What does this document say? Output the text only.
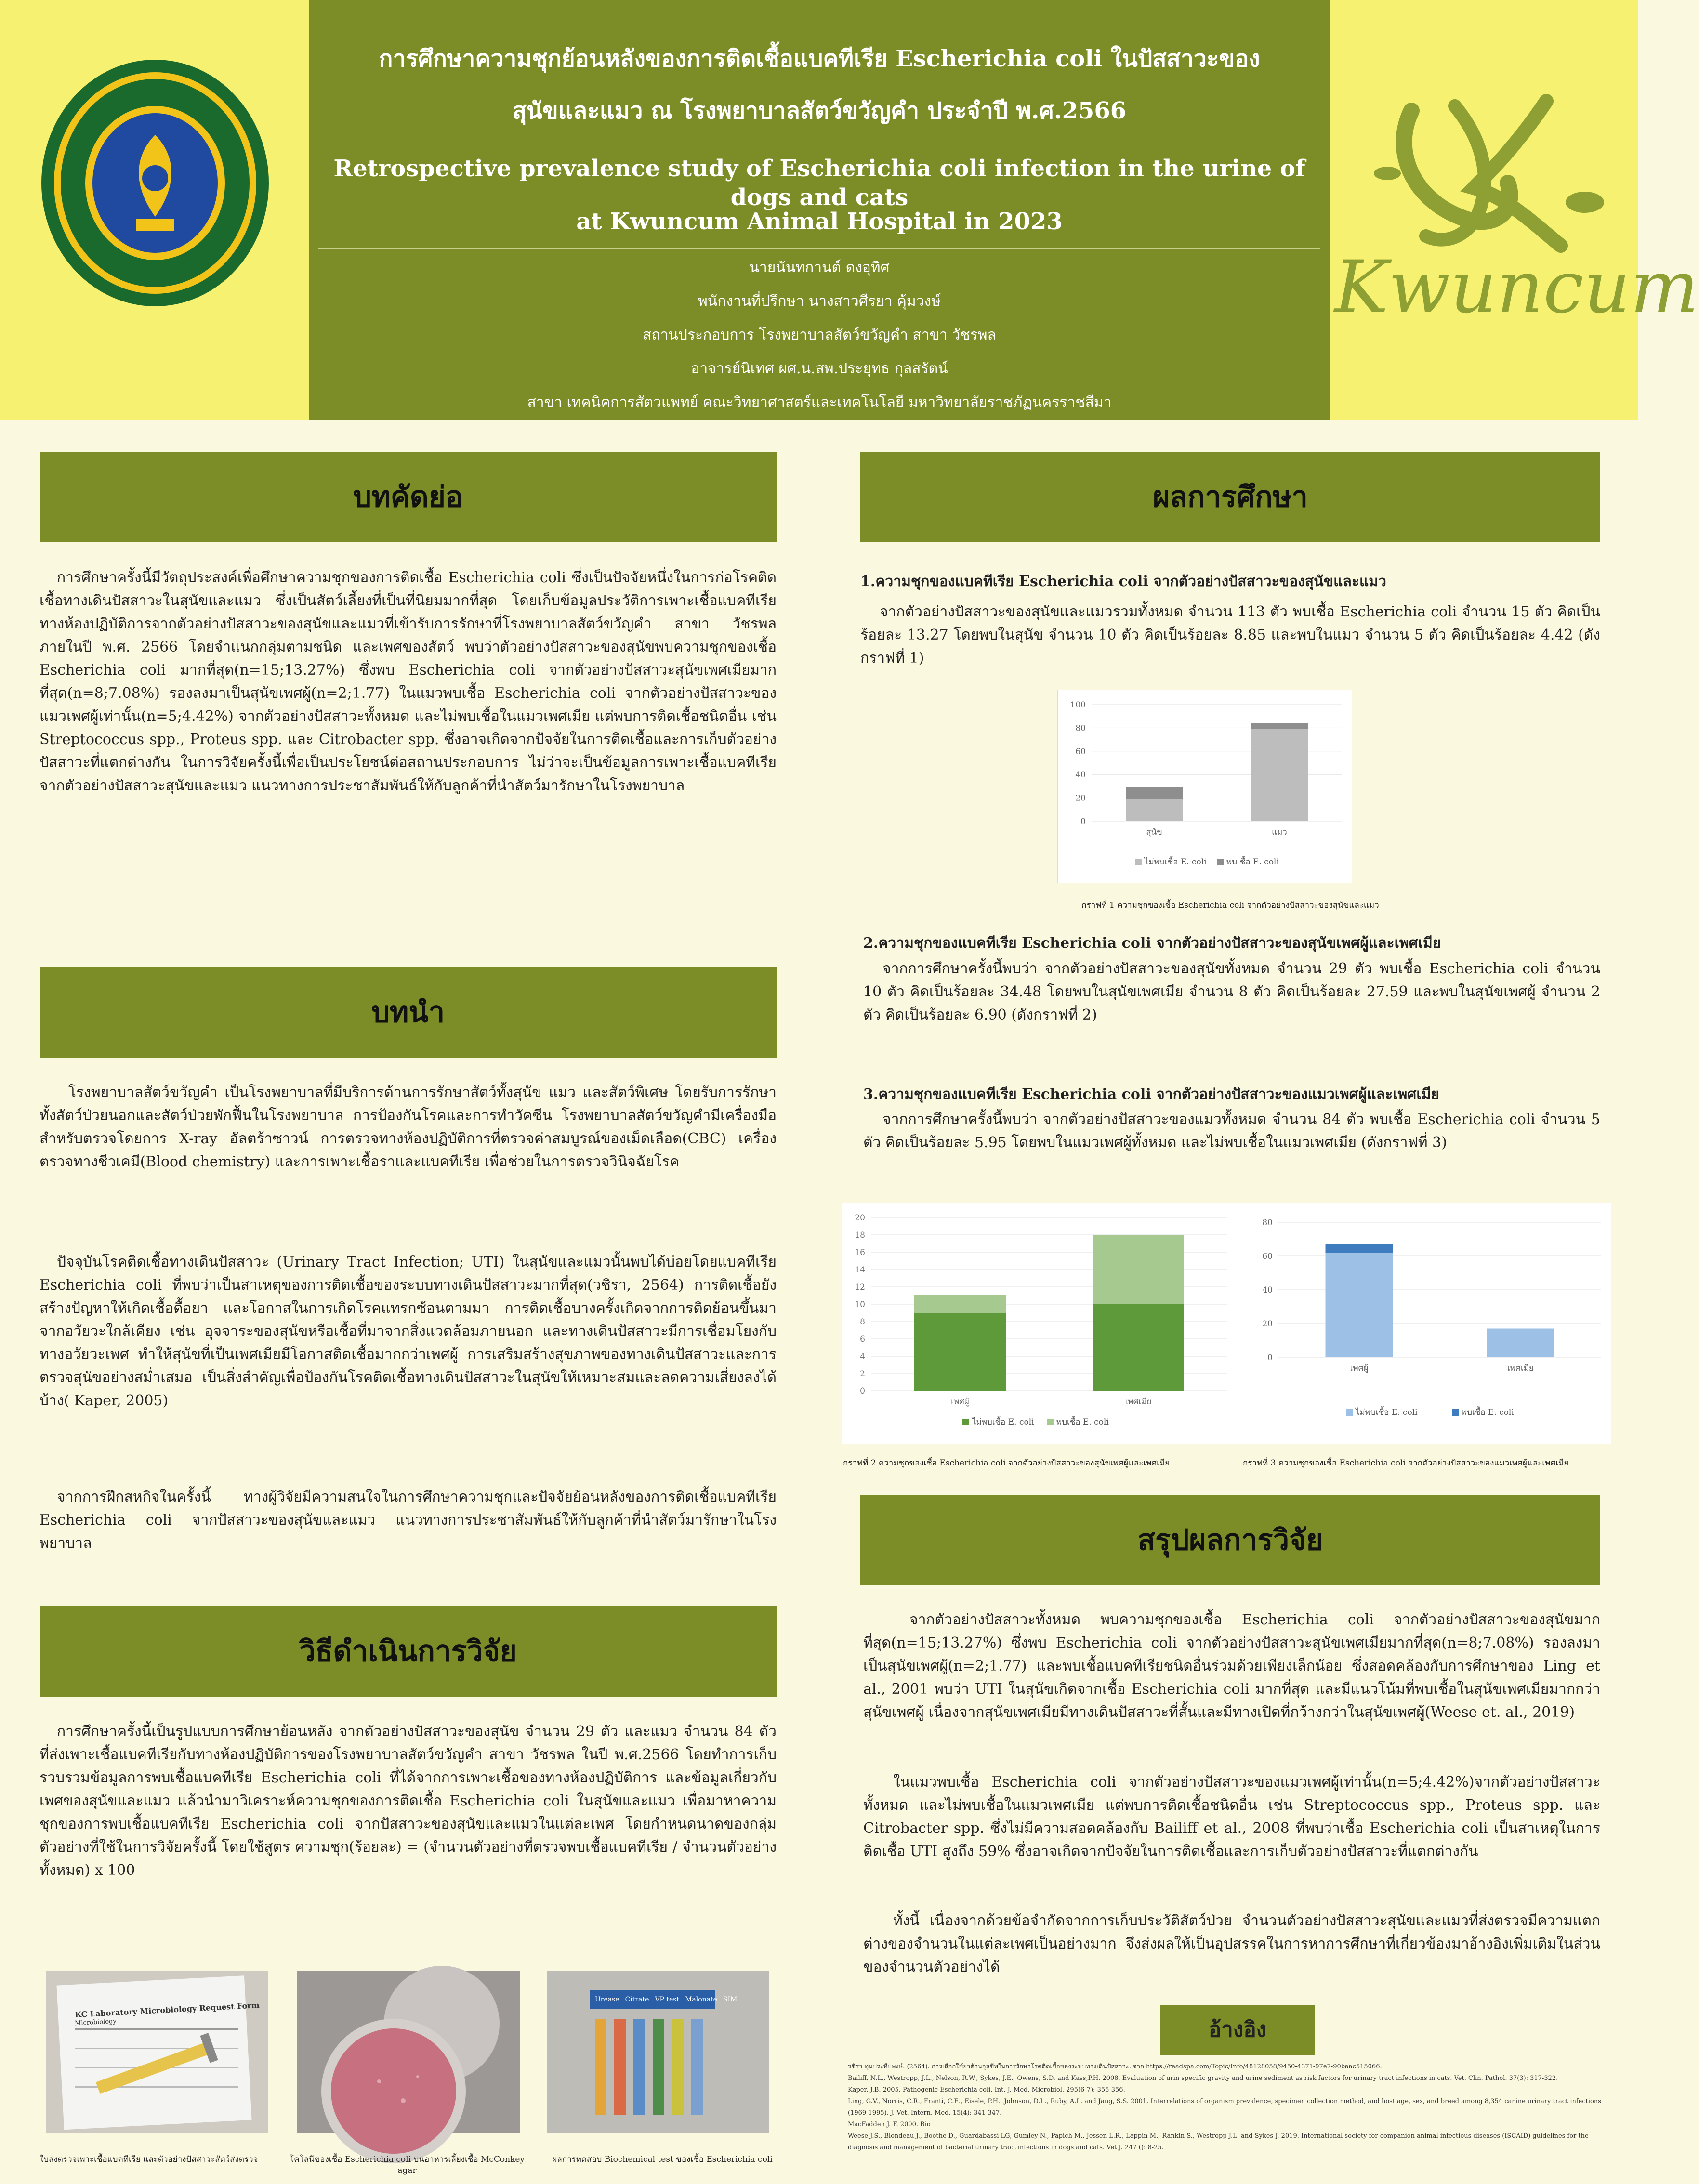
การศึกษาความชุกย้อนหลังของการติดเชื้อแบคทีเรีย Escherichia coli ในปัสสาวะของ
สุนัขและแมว ณ โรงพยาบาลสัตว์ขวัญคำ ประจำปี พ.ศ.2566
Retrospective prevalence study of Escherichia coli infection in the urine of dogs and cats
at Kwuncum Animal Hospital in 2023
นายนันทกานต์ ดงอุทิศ
พนักงานที่ปรึกษา นางสาวศีรยา คุ้มวงษ์
สถานประกอบการ โรงพยาบาลสัตว์ขวัญคำ สาขา วัชรพล
อาจารย์นิเทศ ผศ.น.สพ.ประยุทธ กุลสรัตน์
สาขา เทคนิคการสัตวแพทย์ คณะวิทยาศาสตร์และเทคโนโลยี มหาวิทยาลัยราชภัฏนครราชสีมา
Kwuncum
บทคัดย่อ
การศึกษาครั้งนี้มีวัตถุประสงค์เพื่อศึกษาความชุกของการติดเชื้อ Escherichia coli ซึ่งเป็นปัจจัยหนึ่งในการก่อโรคติดเชื้อทางเดินปัสสาวะในสุนัขและแมว ซึ่งเป็นสัตว์เลี้ยงที่เป็นที่นิยมมากที่สุด โดยเก็บข้อมูลประวัติการเพาะเชื้อแบคทีเรียทางห้องปฏิบัติการจากตัวอย่างปัสสาวะของสุนัขและแมวที่เข้ารับการรักษาที่โรงพยาบาลสัตว์ขวัญคำ สาขา วัชรพล ภายในปี พ.ศ. 2566 โดยจำแนกกลุ่มตามชนิด และเพศของสัตว์ พบว่าตัวอย่างปัสสาวะของสุนัขพบความชุกของเชื้อ Escherichia coli มากที่สุด(n=15;13.27%) ซึ่งพบ Escherichia coli จากตัวอย่างปัสสาวะสุนัขเพศเมียมากที่สุด(n=8;7.08%) รองลงมาเป็นสุนัขเพศผู้(n=2;1.77) ในแมวพบเชื้อ Escherichia coli จากตัวอย่างปัสสาวะของแมวเพศผู้เท่านั้น(n=5;4.42%) จากตัวอย่างปัสสาวะทั้งหมด และไม่พบเชื้อในแมวเพศเมีย แต่พบการติดเชื้อชนิดอื่น เช่น Streptococcus spp., Proteus spp. และ Citrobacter spp. ซึ่งอาจเกิดจากปัจจัยในการติดเชื้อและการเก็บตัวอย่างปัสสาวะที่แตกต่างกัน ในการวิจัยครั้งนี้เพื่อเป็นประโยชน์ต่อสถานประกอบการ ไม่ว่าจะเป็นข้อมูลการเพาะเชื้อแบคทีเรียจากตัวอย่างปัสสาวะสุนัขและแมว แนวทางการประชาสัมพันธ์ให้กับลูกค้าที่นำสัตว์มารักษาในโรงพยาบาล
บทนำ
โรงพยาบาลสัตว์ขวัญคำ เป็นโรงพยาบาลที่มีบริการด้านการรักษาสัตว์ทั้งสุนัข แมว และสัตว์พิเศษ โดยรับการรักษาทั้งสัตว์ป่วยนอกและสัตว์ป่วยพักฟื้นในโรงพยาบาล การป้องกันโรคและการทำวัคซีน โรงพยาบาลสัตว์ขวัญคำมีเครื่องมือสำหรับตรวจโดยการ X-ray อัลตร้าซาวน์ การตรวจทางห้องปฏิบัติการที่ตรวจค่าสมบูรณ์ของเม็ดเลือด(CBC) เครื่องตรวจทางชีวเคมี(Blood chemistry) และการเพาะเชื้อราและแบคทีเรีย เพื่อช่วยในการตรวจวินิจฉัยโรค
ปัจจุบันโรคติดเชื้อทางเดินปัสสาวะ (Urinary Tract Infection; UTI) ในสุนัขและแมวนั้นพบได้บ่อยโดยแบคทีเรีย Escherichia coli ที่พบว่าเป็นสาเหตุของการติดเชื้อของระบบทางเดินปัสสาวะมากที่สุด(วชิรา, 2564) การติดเชื้อยังสร้างปัญหาให้เกิดเชื้อดื้อยา และโอกาสในการเกิดโรคแทรกซ้อนตามมา การติดเชื้อบางครั้งเกิดจากการติดย้อนขึ้นมาจากอวัยวะใกล้เคียง เช่น อุจจาระของสุนัขหรือเชื้อที่มาจากสิ่งแวดล้อมภายนอก และทางเดินปัสสาวะมีการเชื่อมโยงกับทางอวัยวะเพศ ทำให้สุนัขที่เป็นเพศเมียมีโอกาสติดเชื้อมากกว่าเพศผู้ การเสริมสร้างสุขภาพของทางเดินปัสสาวะและการตรวจสุนัขอย่างสม่ำเสมอ เป็นสิ่งสำคัญเพื่อป้องกันโรคติดเชื้อทางเดินปัสสาวะในสุนัขให้เหมาะสมและลดความเสี่ยงลงได้บ้าง( Kaper, 2005)
จากการฝึกสหกิจในครั้งนี้ ทางผู้วิจัยมีความสนใจในการศึกษาความชุกและปัจจัยย้อนหลังของการติดเชื้อแบคทีเรีย Escherichia coli จากปัสสาวะของสุนัขและแมว แนวทางการประชาสัมพันธ์ให้กับลูกค้าที่นำสัตว์มารักษาในโรงพยาบาล
วิธีดำเนินการวิจัย
การศึกษาครั้งนี้เป็นรูปแบบการศึกษาย้อนหลัง จากตัวอย่างปัสสาวะของสุนัข จำนวน 29 ตัว และแมว จำนวน 84 ตัว ที่ส่งเพาะเชื้อแบคทีเรียกับทางห้องปฏิบัติการของโรงพยาบาลสัตว์ขวัญคำ สาขา วัชรพล ในปี พ.ศ.2566 โดยทำการเก็บรวบรวมข้อมูลการพบเชื้อแบคทีเรีย Escherichia coli ที่ได้จากการเพาะเชื้อของทางห้องปฏิบัติการ และข้อมูลเกี่ยวกับเพศของสุนัขและแมว แล้วนำมาวิเคราะห์ความชุกของการติดเชื้อ Escherichia coli ในสุนัขและแมว เพื่อมาหาความชุกของการพบเชื้อแบคทีเรีย Escherichia coli จากปัสสาวะของสุนัขและแมวในแต่ละเพศ โดยกำหนดนาดของกลุ่มตัวอย่างที่ใช้ในการวิจัยครั้งนี้ โดยใช้สูตร ความชุก(ร้อยละ) = (จำนวนตัวอย่างที่ตรวจพบเชื้อแบคทีเรีย / จำนวนตัวอย่างทั้งหมด) x 100
KC Laboratory Microbiology Request Form
Microbiology
Urease Citrate VP test Malonate SIM
ใบส่งตรวจเพาะเชื้อแบคทีเรีย และตัวอย่างปัสสาวะสัตว์ส่งตรวจ	โคโลนีของเชื้อ Escherichia coli บนอาหารเลี้ยงเชื้อ McConkey agar
ผลการทดสอบ Biochemical test ของเชื้อ Escherichia coli
ผลการศึกษา
1.ความชุกของแบคทีเรีย Escherichia coli จากตัวอย่างปัสสาวะของสุนัขและแมว
จากตัวอย่างปัสสาวะของสุนัขและแมวรวมทั้งหมด จำนวน 113 ตัว พบเชื้อ Escherichia coli จำนวน 15 ตัว คิดเป็นร้อยละ 13.27 โดยพบในสุนัข จำนวน 10 ตัว คิดเป็นร้อยละ 8.85 และพบในแมว จำนวน 5 ตัว คิดเป็นร้อยละ 4.42 (ดังกราฟที่ 1)
0
20
40
60
80
100
สุนัข	แมว
ไม่พบเชื้อ E. coli พบเชื้อ E. coli
กราฟที่ 1 ความชุกของเชื้อ Escherichia coli จากตัวอย่างปัสสาวะของสุนัขและแมว
2.ความชุกของแบคทีเรีย Escherichia coli จากตัวอย่างปัสสาวะของสุนัขเพศผู้และเพศเมีย
จากการศึกษาครั้งนี้พบว่า จากตัวอย่างปัสสาวะของสุนัขทั้งหมด จำนวน 29 ตัว พบเชื้อ Escherichia coli จำนวน 10 ตัว คิดเป็นร้อยละ 34.48 โดยพบในสุนัขเพศเมีย จำนวน 8 ตัว คิดเป็นร้อยละ 27.59 และพบในสุนัขเพศผู้ จำนวน 2 ตัว คิดเป็นร้อยละ 6.90 (ดังกราฟที่ 2)
3.ความชุกของแบคทีเรีย Escherichia coli จากตัวอย่างปัสสาวะของแมวเพศผู้และเพศเมีย
จากการศึกษาครั้งนี้พบว่า จากตัวอย่างปัสสาวะของแมวทั้งหมด จำนวน 84 ตัว พบเชื้อ Escherichia coli จำนวน 5 ตัว คิดเป็นร้อยละ 5.95 โดยพบในแมวเพศผู้ทั้งหมด และไม่พบเชื้อในแมวเพศเมีย (ดังกราฟที่ 3)
0
2
4
6
8
10
12
14
16
18
20
เพศผู้	เพศเมีย
ไม่พบเชื้อ E. coli	พบเชื้อ E. coli
0
20
40
60
80
เพศผู้	เพศเมีย
ไม่พบเชื้อ E. coli	พบเชื้อ E. coli
กราฟที่ 2 ความชุกของเชื้อ Escherichia coli จากตัวอย่างปัสสาวะของสุนัขเพศผู้และเพศเมีย	กราฟที่ 3 ความชุกของเชื้อ Escherichia coli จากตัวอย่างปัสสาวะของแมวเพศผู้และเพศเมีย
สรุปผลการวิจัย
จากตัวอย่างปัสสาวะทั้งหมด พบความชุกของเชื้อ Escherichia coli จากตัวอย่างปัสสาวะของสุนัขมากที่สุด(n=15;13.27%) ซึ่งพบ Escherichia coli จากตัวอย่างปัสสาวะสุนัขเพศเมียมากที่สุด(n=8;7.08%) รองลงมาเป็นสุนัขเพศผู้(n=2;1.77) และพบเชื้อแบคทีเรียชนิดอื่นร่วมด้วยเพียงเล็กน้อย ซึ่งสอดคล้องกับการศึกษาของ Ling et al., 2001 พบว่า UTI ในสุนัขเกิดจากเชื้อ Escherichia coli มากที่สุด และมีแนวโน้มที่พบเชื้อในสุนัขเพศเมียมากกว่าสุนัขเพศผู้ เนื่องจากสุนัขเพศเมียมีทางเดินปัสสาวะที่สั้นและมีทางเปิดที่กว้างกว่าในสุนัขเพศผู้(Weese et. al., 2019)
ในแมวพบเชื้อ Escherichia coli จากตัวอย่างปัสสาวะของแมวเพศผู้เท่านั้น(n=5;4.42%)จากตัวอย่างปัสสาวะทั้งหมด และไม่พบเชื้อในแมวเพศเมีย แต่พบการติดเชื้อชนิดอื่น เช่น Streptococcus spp., Proteus spp. และ Citrobacter spp. ซึ่งไม่มีความสอดคล้องกับ Bailiff et al., 2008 ที่พบว่าเชื้อ Escherichia coli เป็นสาเหตุในการติดเชื้อ UTI สูงถึง 59% ซึ่งอาจเกิดจากปัจจัยในการติดเชื้อและการเก็บตัวอย่างปัสสาวะที่แตกต่างกัน
ทั้งนี้ เนื่องจากด้วยข้อจำกัดจากการเก็บประวัติสัตว์ป่วย จำนวนตัวอย่างปัสสาวะสุนัขและแมวที่ส่งตรวจมีความแตกต่างของจำนวนในแต่ละเพศเป็นอย่างมาก จึงส่งผลให้เป็นอุปสรรคในการหาการศึกษาที่เกี่ยวข้องมาอ้างอิงเพิ่มเติมในส่วนของจำนวนตัวอย่างได้
อ้างอิง
วชิรา ทุ่มประทีปพงษ์. (2564). การเลือกใช้ยาต้านจุลชีพในการรักษาโรคติดเชื้อของระบบทางเดินปัสสาวะ. จาก https://readspa.com/Topic/Info/48128058/9450-4371-97e7-90baac515066.
Bailiff, N.L., Westropp, J.L., Nelson, R.W., Sykes, J.E., Owens, S.D. and Kass,P.H. 2008. Evaluation of urin specific gravity and urine sediment as risk factors for urinary tract infections in cats. Vet. Clin. Pathol. 37(3): 317-322.
Kaper, J.B. 2005. Pathogenic Escherichia coli. Int. J. Med. Microbiol. 295(6-7): 355-356.
Ling, G.V., Norris, C.R., Franti, C.E., Eisele, P.H., Johnson, D.L., Ruby, A.L. and Jang, S.S. 2001. Interrelations of organism prevalence, specimen collection method, and host age, sex, and breed among 8,354 canine urinary tract infections (1969-1995). J. Vet. Intern. Med. 15(4): 341-347.
MacFadden J. F. 2000. Bio
Weese J.S., Blondeau J., Boothe D., Guardabassi LG, Gumley N., Papich M., Jessen L.R., Lappin M., Rankin S., Westropp J.L. and Sykes J. 2019. International society for companion animal infectious diseases (ISCAID) guidelines for the diagnosis and management of bacterial urinary tract infections in dogs and cats. Vet J. 247 (): 8-25.
